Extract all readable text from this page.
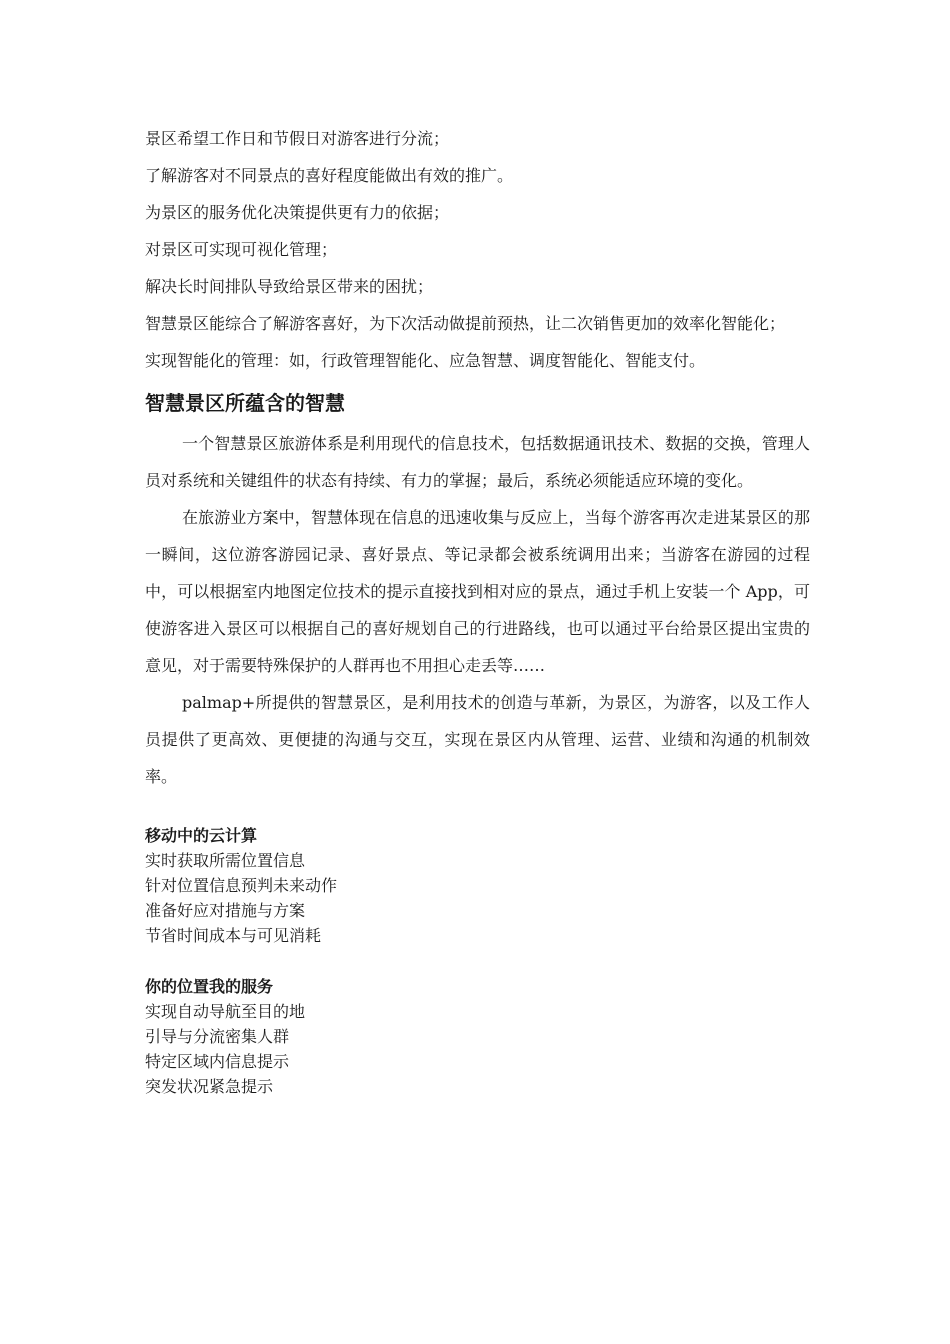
景区希望工作日和节假日对游客进行分流；
了解游客对不同景点的喜好程度能做出有效的推广。
为景区的服务优化决策提供更有力的依据；
对景区可实现可视化管理；
解决长时间排队导致给景区带来的困扰；
智慧景区能综合了解游客喜好，为下次活动做提前预热，让二次销售更加的效率化智能化；
实现智能化的管理：如，行政管理智能化、应急智慧、调度智能化、智能支付。
智慧景区所蕴含的智慧
一个智慧景区旅游体系是利用现代的信息技术，包括数据通讯技术、数据的交换，管理人员对系统和关键组件的状态有持续、有力的掌握；最后，系统必须能适应环境的变化。
在旅游业方案中，智慧体现在信息的迅速收集与反应上，当每个游客再次走进某景区的那一瞬间，这位游客游园记录、喜好景点、等记录都会被系统调用出来；当游客在游园的过程中，可以根据室内地图定位技术的提示直接找到相对应的景点，通过手机上安装一个 App，可使游客进入景区可以根据自己的喜好规划自己的行进路线，也可以通过平台给景区提出宝贵的意见，对于需要特殊保护的人群再也不用担心走丢等……
palmap+所提供的智慧景区，是利用技术的创造与革新，为景区，为游客，以及工作人员提供了更高效、更便捷的沟通与交互，实现在景区内从管理、运营、业绩和沟通的机制效率。
移动中的云计算
实时获取所需位置信息
针对位置信息预判未来动作
准备好应对措施与方案
节省时间成本与可见消耗
你的位置我的服务
实现自动导航至目的地
引导与分流密集人群
特定区域内信息提示
突发状况紧急提示
